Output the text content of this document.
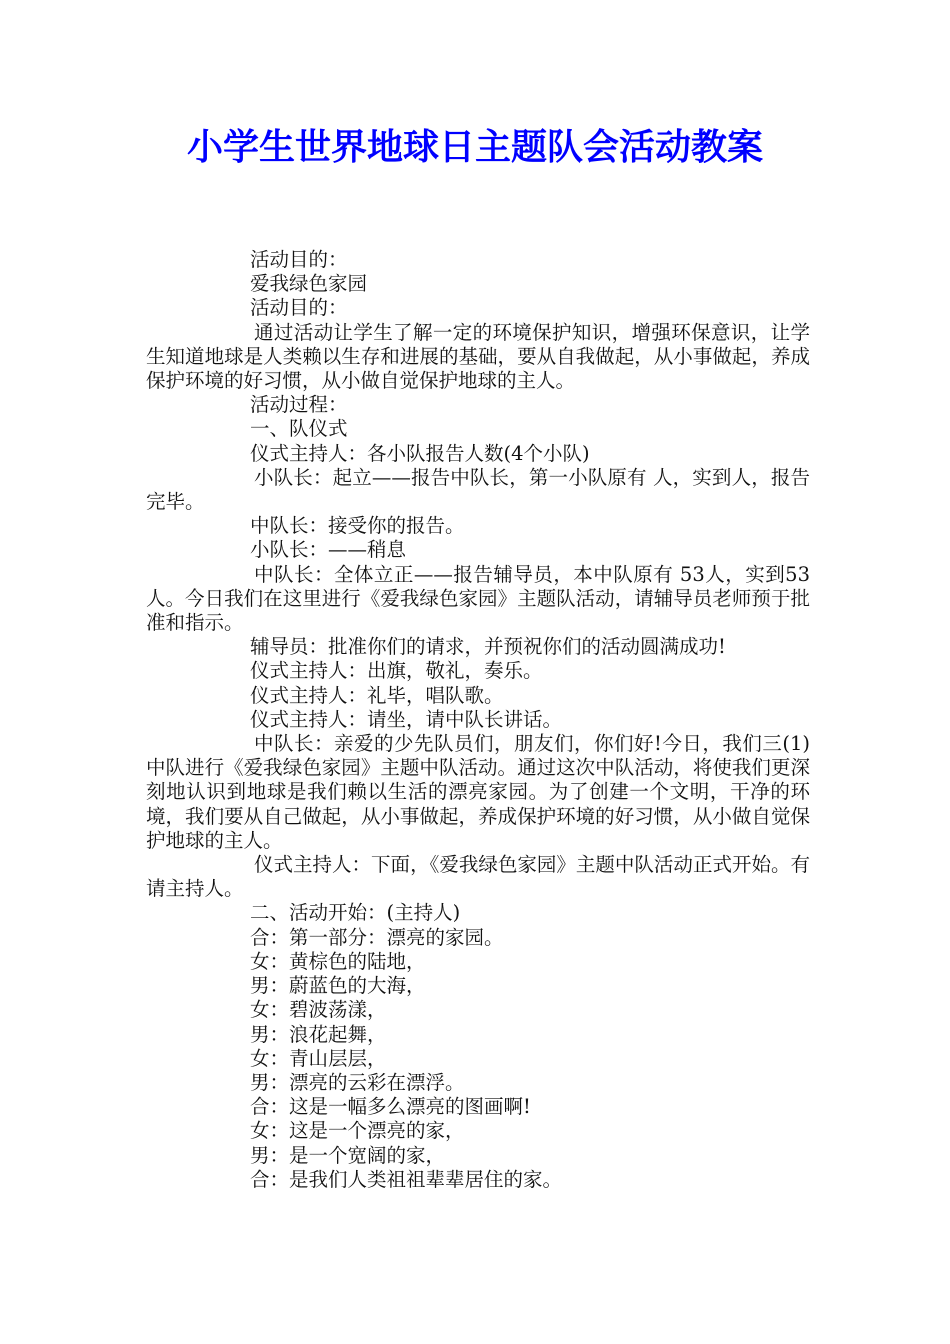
小学生世界地球日主题队会活动教案

活动目的：

爱我绿色家园

活动目的：

通过活动让学生了解一定的环境保护知识，增强环保意识，让学生知道地球是人类赖以生存和进展的基础，要从自我做起，从小事做起，养成保护环境的好习惯，从小做自觉保护地球的主人。

活动过程：

一、队仪式

仪式主持人：各小队报告人数(4个小队)

小队长：起立——报告中队长，第一小队原有 人，实到人，报告完毕。

中队长：接受你的报告。

小队长：——稍息

中队长：全体立正——报告辅导员，本中队原有 53人，实到53人。今日我们在这里进行《爱我绿色家园》主题队活动，请辅导员老师预于批准和指示。

辅导员：批准你们的请求，并预祝你们的活动圆满成功!

仪式主持人：出旗，敬礼，奏乐。

仪式主持人：礼毕，唱队歌。

仪式主持人：请坐，请中队长讲话。

中队长：亲爱的少先队员们，朋友们，你们好!今日，我们三(1)中队进行《爱我绿色家园》主题中队活动。通过这次中队活动，将使我们更深刻地认识到地球是我们赖以生活的漂亮家园。为了创建一个文明，干净的环境，我们要从自己做起，从小事做起，养成保护环境的好习惯，从小做自觉保护地球的主人。

仪式主持人：下面，《爱我绿色家园》主题中队活动正式开始。有请主持人。

二、活动开始：(主持人)

合：第一部分：漂亮的家园。

女：黄棕色的陆地，

男：蔚蓝色的大海，

女：碧波荡漾，

男：浪花起舞，

女：青山层层，

男：漂亮的云彩在漂浮。

合：这是一幅多么漂亮的图画啊!

女：这是一个漂亮的家，

男：是一个宽阔的家，

合：是我们人类祖祖辈辈居住的家。
